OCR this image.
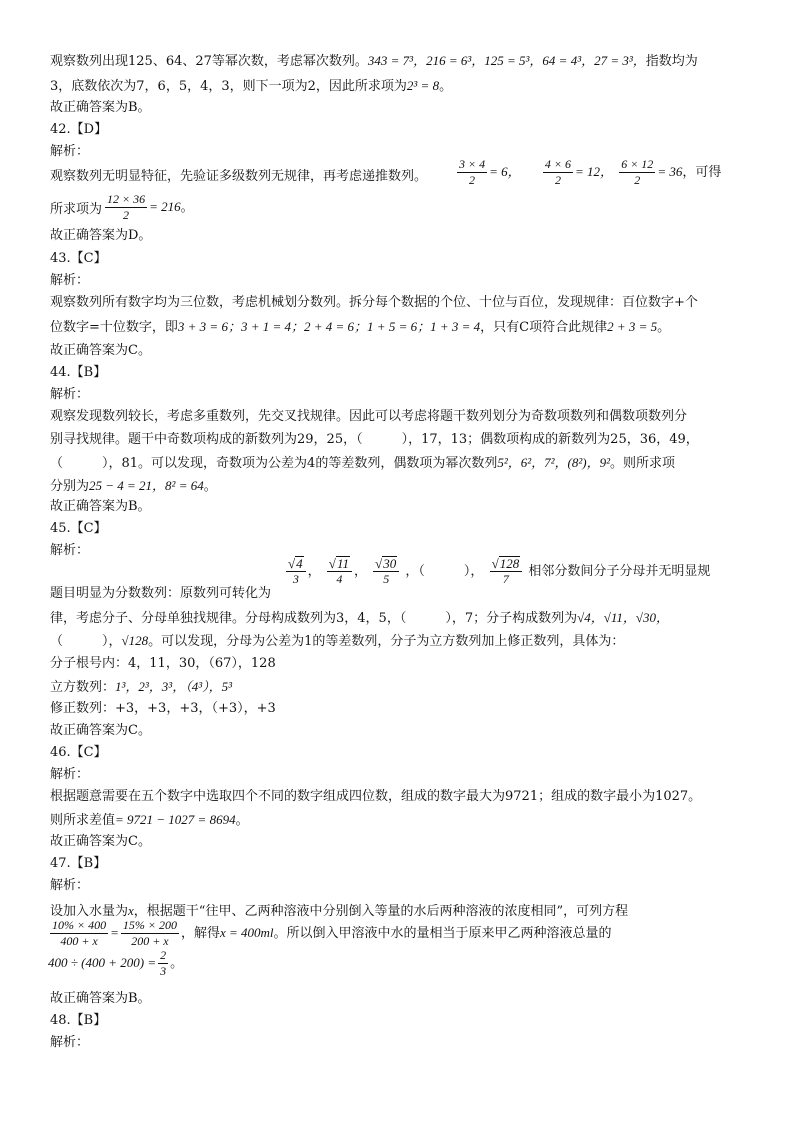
观察数列出现125、64、27等幂次数，考虑幂次数列。343 = 7³，216 = 6³，125 = 5³，64 = 4³，27 = 3³，指数均为
3，底数依次为7，6，5，4，3，则下一项为2，因此所求项为2³ = 8。
故正确答案为B。
42.【D】
解析：
观察数列无明显特征，先验证多级数列无规律，再考虑递推数列。 $\frac{3 \times 4}{2} = 6$， $\frac{4 \times 6}{2} = 12$， $\frac{6 \times 12}{2} = 36$，可得
所求项为 $\frac{12 \times 36}{2} = 216$。
故正确答案为D。
43.【C】
解析：
观察数列所有数字均为三位数，考虑机械划分数列。拆分每个数据的个位、十位与百位，发现规律：百位数字+个
位数字=十位数字，即3 + 3 = 6；3 + 1 = 4；2 + 4 = 6；1 + 5 = 6；1 + 3 = 4，只有C项符合此规律2 + 3 = 5。
故正确答案为C。
44.【B】
解析：
观察发现数列较长，考虑多重数列，先交叉找规律。因此可以考虑将题干数列划分为奇数项数列和偶数项数列分
别寻找规律。题干中奇数项构成的新数列为29，25，（　　　），17，13；偶数项构成的新数列为25，36，49，
（　　　），81。可以发现，奇数项为公差为4的等差数列，偶数项为幂次数列5²，6²，7²，(8²)，9²。则所求项
分别为25 − 4 = 21，8² = 64。
故正确答案为B。
45.【C】
解析：
题目明显为分数数列：原数列可转化为
$\frac{√4}{3}$ ， $\frac{√11}{4}$ ， $\frac{√30}{5}$ ，（　　　）， $\frac{√128}{7}$ 相邻分数间分子分母并无明显规
律，考虑分子、分母单独找规律。分母构成数列为3，4，5，（　　　），7；分子构成数列为√4，√11，√30，
（　　　），√128。可以发现，分母为公差为1的等差数列，分子为立方数列加上修正数列，具体为：
分子根号内：4，11，30，（67），128
立方数列：1³，2³，3³，（4³），5³
修正数列：+3，+3，+3，（+3），+3
故正确答案为C。
46.【C】
解析：
根据题意需要在五个数字中选取四个不同的数字组成四位数，组成的数字最大为9721；组成的数字最小为1027。
则所求差值= 9721 − 1027 = 8694。
故正确答案为C。
47.【B】
解析：
设加入水量为x，根据题干“往甲、乙两种溶液中分别倒入等量的水后两种溶液的浓度相同”，可列方程
$\frac{10\% \times 400}{400 + x} = \frac{15\% \times 200}{200 + x}$ ，解得x = 400ml。所以倒入甲溶液中水的量相当于原来甲乙两种溶液总量的
$400 \div (400 + 200) = \frac{2}{3}$ 。
故正确答案为B。
48.【B】
解析：
